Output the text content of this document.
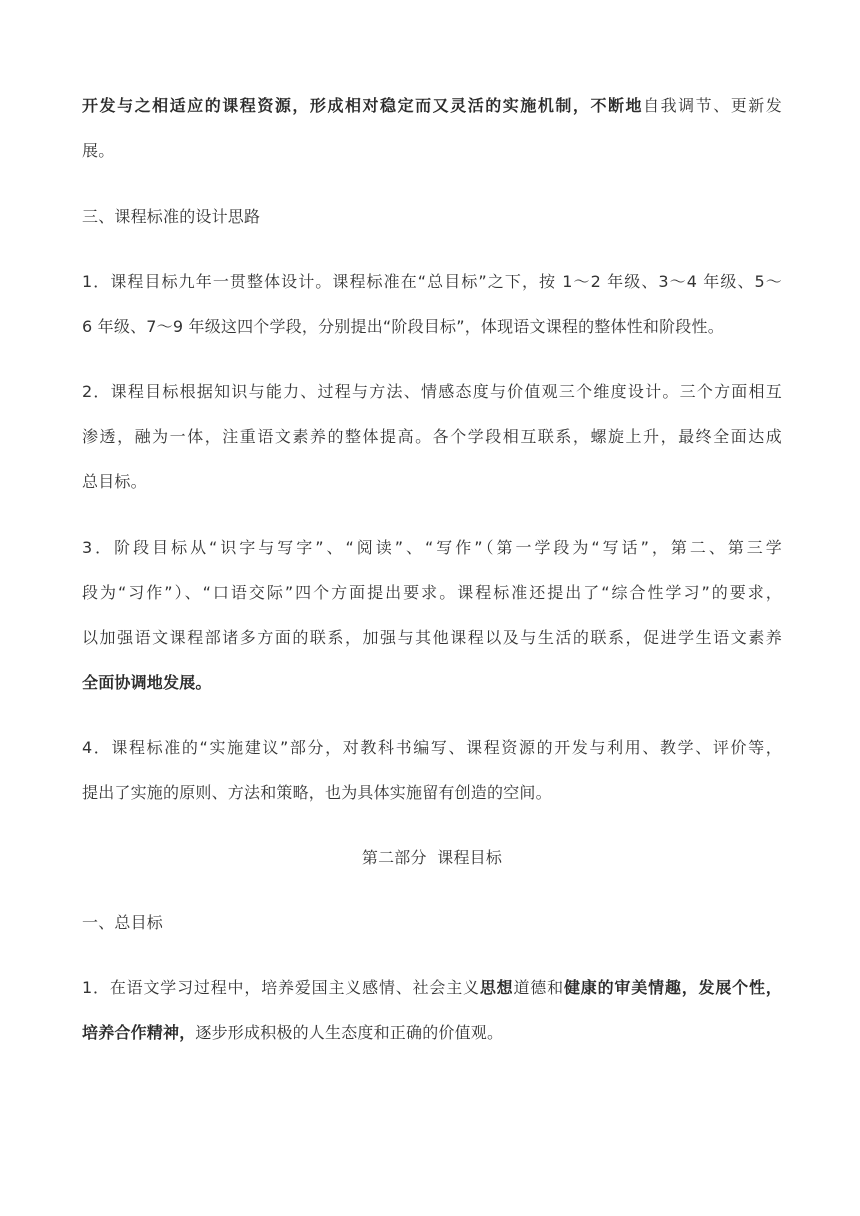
开发与之相适应的课程资源，形成相对稳定而又灵活的实施机制，不断地自我调节、更新发
展。
三、课程标准的设计思路
1．课程目标九年一贯整体设计。课程标准在“总目标”之下，按 1～2 年级、3～4 年级、5～
6 年级、7～9 年级这四个学段，分别提出“阶段目标”，体现语文课程的整体性和阶段性。
2．课程目标根据知识与能力、过程与方法、情感态度与价值观三个维度设计。三个方面相互
渗透，融为一体，注重语文素养的整体提高。各个学段相互联系，螺旋上升，最终全面达成
总目标。
3．阶段目标从“识字与写字”、“阅读”、“写作”（第一学段为“写话”，第二、第三学
段为“习作”）、“口语交际”四个方面提出要求。课程标准还提出了“综合性学习”的要求，
以加强语文课程部诸多方面的联系，加强与其他课程以及与生活的联系，促进学生语文素养
全面协调地发展。
4．课程标准的“实施建议”部分，对教科书编写、课程资源的开发与利用、教学、评价等，
提出了实施的原则、方法和策略，也为具体实施留有创造的空间。
第二部分  课程目标
一、总目标
1．在语文学习过程中，培养爱国主义感情、社会主义思想道德和健康的审美情趣，发展个性，
培养合作精神，逐步形成积极的人生态度和正确的价值观。
